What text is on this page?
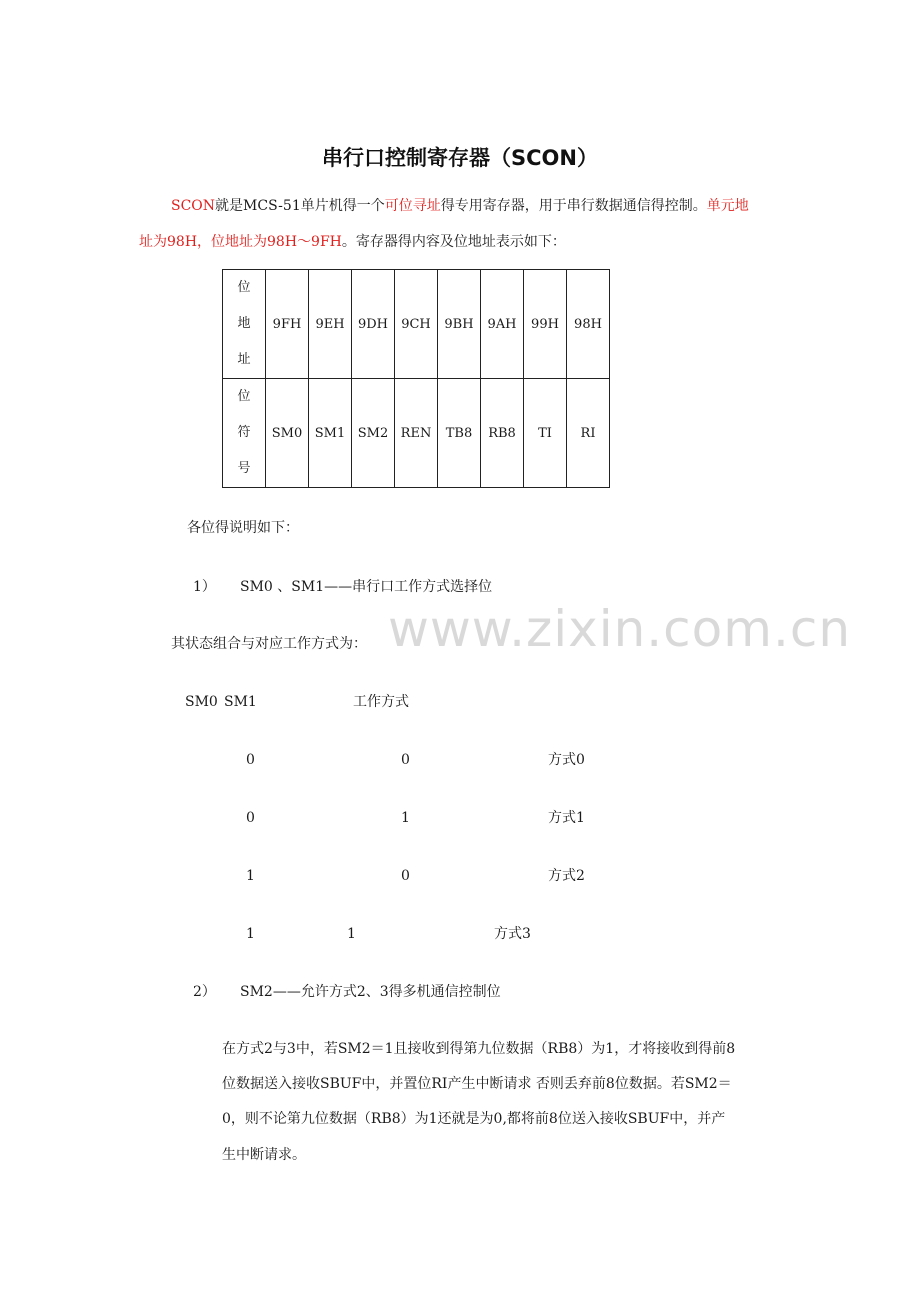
串行口控制寄存器（SCON）
SCON就是MCS-51单片机得一个可位寻址得专用寄存器，用于串行数据通信得控制。单元地
址为98H，位地址为98H～9FH。寄存器得内容及位地址表示如下：
位地址	9FH	9EH	9DH	9CH	9BH	9AH	99H	98H
位符号	SM0	SM1	SM2	REN	TB8	RB8	TI	RI
各位得说明如下：
1） SM0 、SM1——串行口工作方式选择位
www.zixin.com.cn
其状态组合与对应工作方式为：
SM0 SM1	工作方式
0	0	方式0
0	1	方式1
1	0	方式2
1	1	方式3
2） SM2——允许方式2、3得多机通信控制位
在方式2与3中，若SM2＝1且接收到得第九位数据（RB8）为1，才将接收到得前8
位数据送入接收SBUF中，并置位RI产生中断请求 否则丢弃前8位数据。若SM2＝
0，则不论第九位数据（RB8）为1还就是为0,都将前8位送入接收SBUF中，并产
生中断请求。
